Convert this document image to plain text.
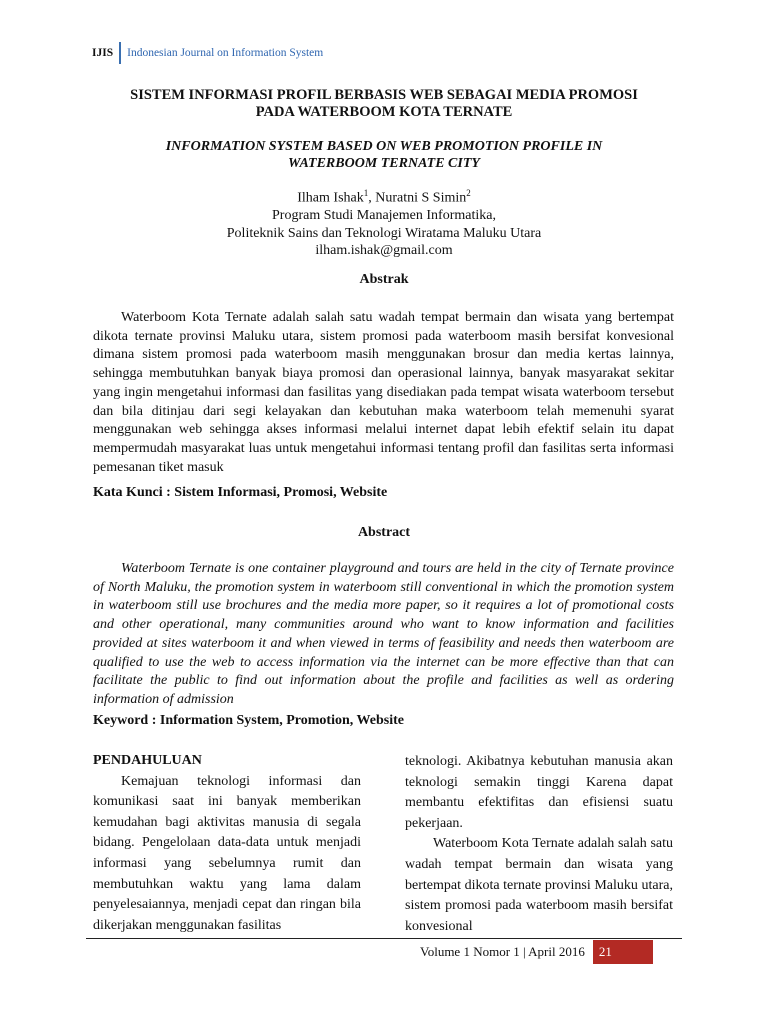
IJIS Indonesian Journal on Information System
SISTEM INFORMASI PROFIL BERBASIS WEB SEBAGAI MEDIA PROMOSI
PADA WATERBOOM KOTA TERNATE
INFORMATION SYSTEM BASED ON WEB PROMOTION PROFILE IN
WATERBOOM TERNATE CITY
Ilham Ishak$^1$, Nuratni S Simin$^2$
Program Studi Manajemen Informatika,
Politeknik Sains dan Teknologi Wiratama Maluku Utara
ilham.ishak@gmail.com
Abstrak

Waterboom Kota Ternate adalah salah satu wadah tempat bermain dan wisata yang bertempat dikota ternate provinsi Maluku utara, sistem promosi pada waterboom masih bersifat konvesional dimana sistem promosi pada waterboom masih menggunakan brosur dan media kertas lainnya, sehingga membutuhkan banyak biaya promosi dan operasional lainnya, banyak masyarakat sekitar yang ingin mengetahui informasi dan fasilitas yang disediakan pada tempat wisata waterboom tersebut dan bila ditinjau dari segi kelayakan dan kebutuhan maka waterboom telah memenuhi syarat menggunakan web sehingga akses informasi melalui internet dapat lebih efektif selain itu dapat mempermudah masyarakat luas untuk mengetahui informasi tentang profil dan fasilitas serta informasi pemesanan tiket masuk

Kata Kunci : Sistem Informasi, Promosi, Website
Abstract

Waterboom Ternate is one container playground and tours are held in the city of Ternate province of North Maluku, the promotion system in waterboom still conventional in which the promotion system in waterboom still use brochures and the media more paper, so it requires a lot of promotional costs and other operational, many communities around who want to know information and facilities provided at sites waterboom it and when viewed in terms of feasibility and needs then waterboom are qualified to use the web to access information via the internet can be more effective than that can facilitate the public to find out information about the profile and facilities as well as ordering information of admission

Keyword : Information System, Promotion, Website
PENDAHULUAN

Kemajuan teknologi informasi dan komunikasi saat ini banyak memberikan kemudahan bagi aktivitas manusia di segala bidang. Pengelolaan data-data untuk menjadi informasi yang sebelumnya rumit dan membutuhkan waktu yang lama dalam penyelesaiannya, menjadi cepat dan ringan bila dikerjakan menggunakan fasilitas

teknologi. Akibatnya kebutuhan manusia akan teknologi semakin tinggi Karena dapat membantu efektifitas dan efisiensi suatu pekerjaan.

Waterboom Kota Ternate adalah salah satu wadah tempat bermain dan wisata yang bertempat dikota ternate provinsi Maluku utara, sistem promosi pada waterboom masih bersifat konvesional

Volume 1 Nomor 1 | April 2016	21
